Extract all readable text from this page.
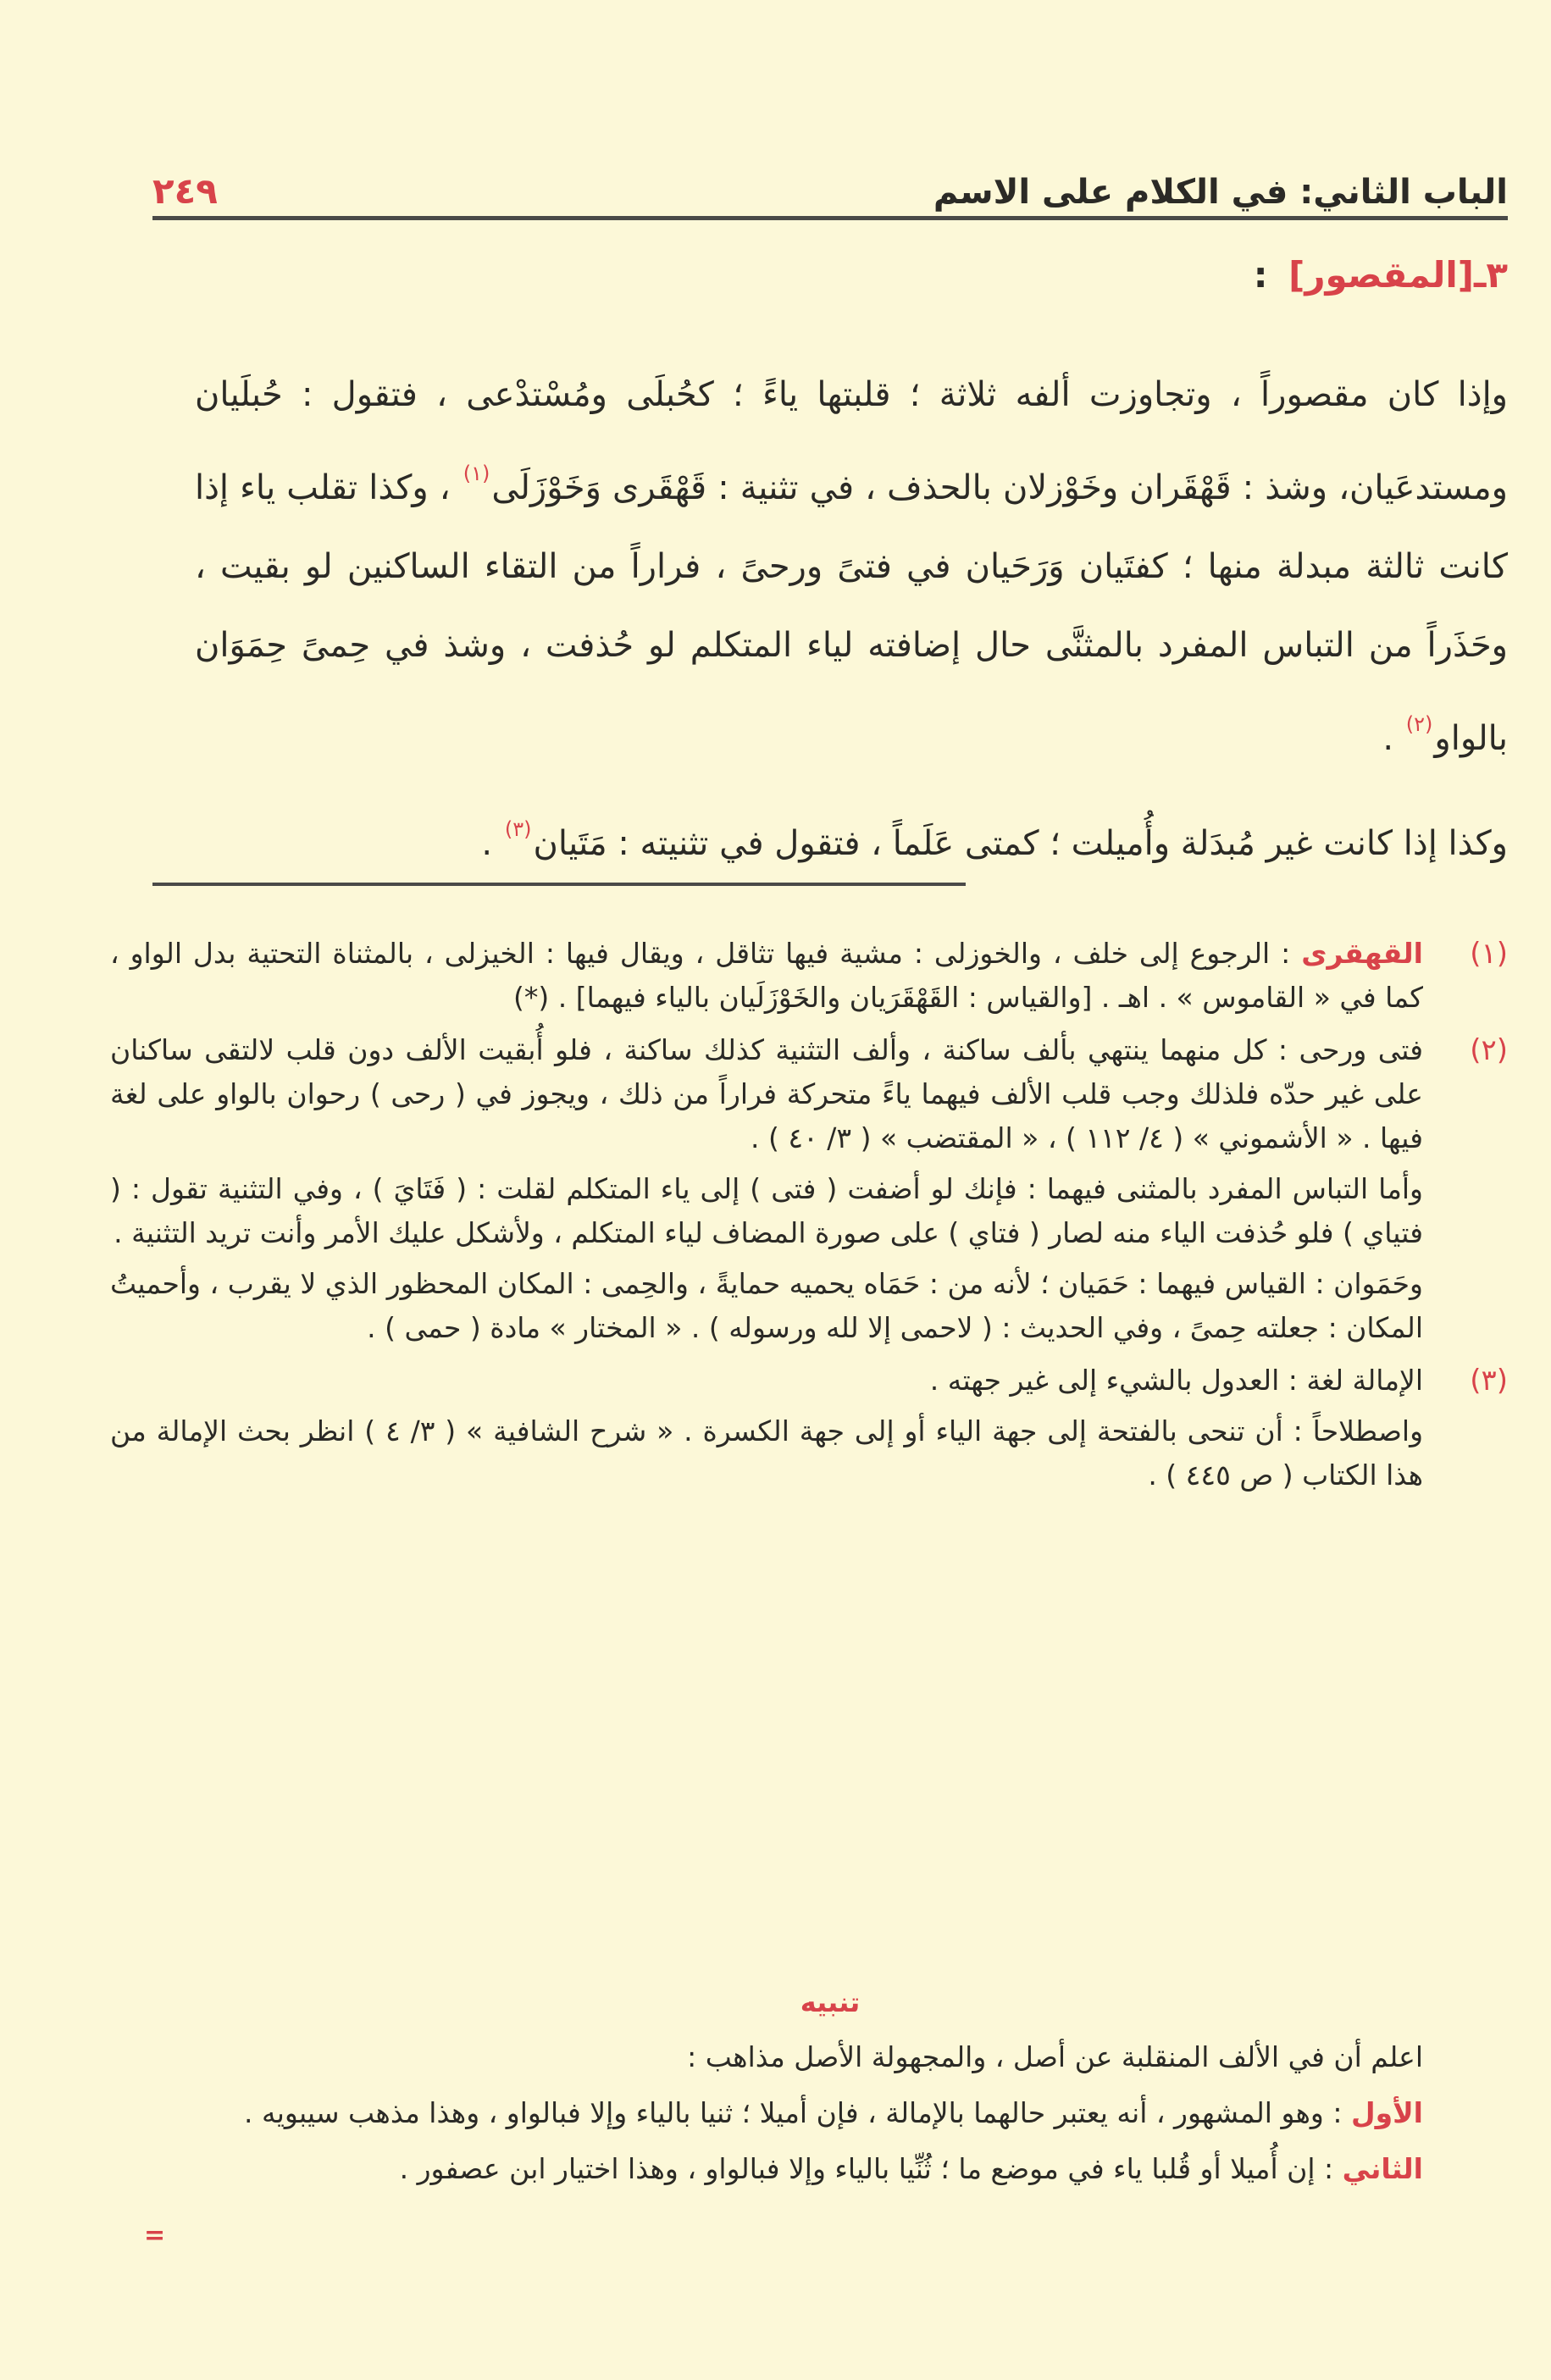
الباب الثاني: في الكلام على الاسم
٢٤٩
٣ـ[المقصور] :

وإذا كان مقصوراً ، وتجاوزت ألفه ثلاثة ؛ قلبتها ياءً ؛ كحُبلَى ومُسْتدْعى ، فتقول : حُبلَيان ومستدعَيان، وشذ : قَهْقَران وخَوْزلان بالحذف ، في تثنية : قَهْقَرى وَخَوْزَلَى$^{(١)}$ ، وكذا تقلب ياء إذا كانت ثالثة مبدلة منها ؛ كفتَيان وَرَحَيان في فتىً ورحىً ، فراراً من التقاء الساكنين لو بقيت ، وحَذَراً من التباس المفرد بالمثنَّى حال إضافته لياء المتكلم لو حُذفت ، وشذ في حِمىً حِمَوَان بالواو$^{(٢)}$ .

وكذا إذا كانت غير مُبدَلة وأُميلت ؛ كمتى عَلَماً ، فتقول في تثنيته : مَتَيان$^{(٣)}$ .

(١)

القهقرى : الرجوع إلى خلف ، والخوزلى : مشية فيها تثاقل ، ويقال فيها : الخيزلى ، بالمثناة التحتية بدل الواو ، كما في « القاموس » . اهـ . [والقياس : القَهْقَرَيان والخَوْزَلَيان بالياء فيهما] . (*)

(٢)

فتى ورحى : كل منهما ينتهي بألف ساكنة ، وألف التثنية كذلك ساكنة ، فلو أُبقيت الألف دون قلب لالتقى ساكنان على غير حدّه فلذلك وجب قلب الألف فيهما ياءً متحركة فراراً من ذلك ، ويجوز في ( رحى ) رحوان بالواو على لغة فيها . « الأشموني » ( ٤/ ١١٢ ) ، « المقتضب » ( ٣/ ٤٠ ) .

وأما التباس المفرد بالمثنى فيهما : فإنك لو أضفت ( فتى ) إلى ياء المتكلم لقلت : ( فَتَايَ ) ، وفي التثنية تقول : ( فتياي ) فلو حُذفت الياء منه لصار ( فتاي ) على صورة المضاف لياء المتكلم ، ولأشكل عليك الأمر وأنت تريد التثنية .

وحَمَوان : القياس فيهما : حَمَيان ؛ لأنه من : حَمَاه يحميه حمايةً ، والحِمى : المكان المحظور الذي لا يقرب ، وأحميتُ المكان : جعلته حِمىً ، وفي الحديث : ( لاحمى إلا لله ورسوله ) . « المختار » مادة ( حمى ) .

(٣)

الإمالة لغة : العدول بالشيء إلى غير جهته .

واصطلاحاً : أن تنحى بالفتحة إلى جهة الياء أو إلى جهة الكسرة . « شرح الشافية » ( ٣/ ٤ ) انظر بحث الإمالة من هذا الكتاب ( ص ٤٤٥ ) .

تنبيه

اعلم أن في الألف المنقلبة عن أصل ، والمجهولة الأصل مذاهب :

الأول : وهو المشهور ، أنه يعتبر حالهما بالإمالة ، فإن أميلا ؛ ثنيا بالياء وإلا فبالواو ، وهذا مذهب سيبويه .

الثاني : إن أُميلا أو قُلبا ياء في موضع ما ؛ ثُنِّيا بالياء وإلا فبالواو ، وهذا اختيار ابن عصفور .

=
